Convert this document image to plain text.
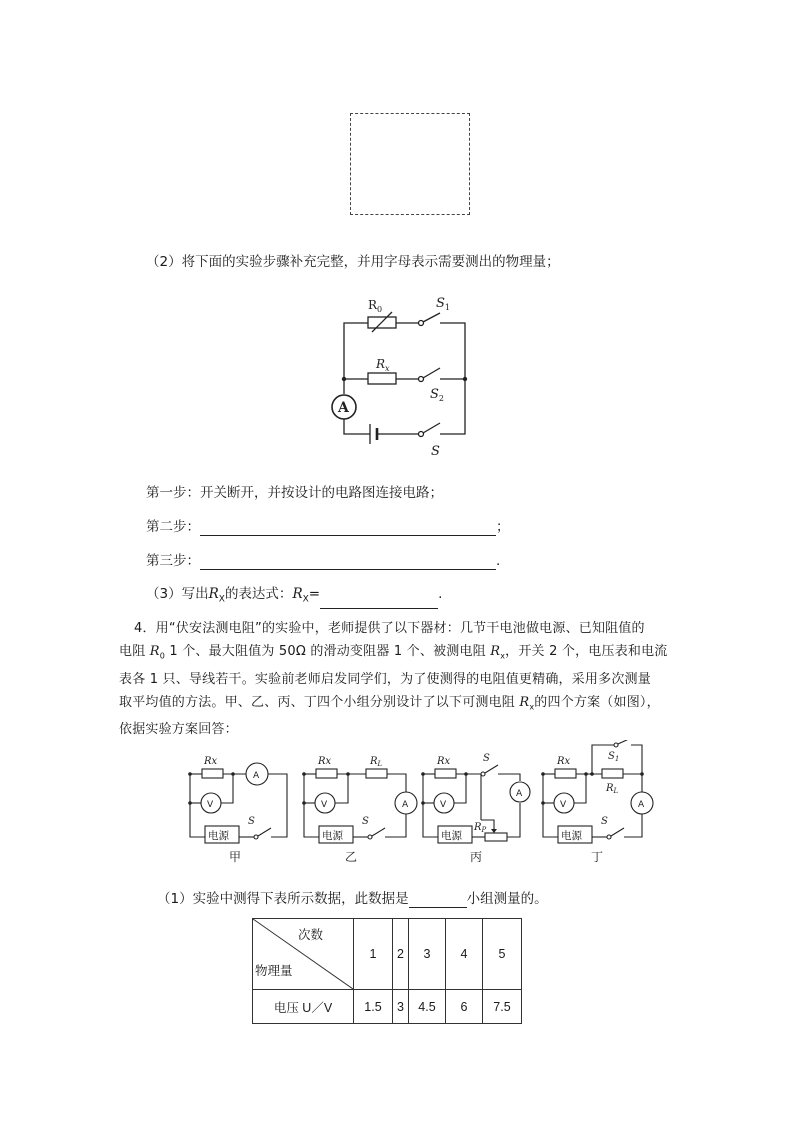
（2）将下面的实验步骤补充完整，并用字母表示需要测出的物理量；
$R_0$	$S_1$
$R_x$
$S_2$
A
S
第一步：开关断开，并按设计的电路图连接电路；
第二步：	；
第三步：	.
（3）写出$R_X$的表达式：$R_X=$	.
4．用“伏安法测电阻”的实验中，老师提供了以下器材：几节干电池做电源、已知阻值的
电阻 $R_0$ 1 个、最大阻值为 50Ω 的滑动变阻器 1 个、被测电阻 $R_x$，开关 2 个，电压表和电流
表各 1 只、导线若干。实验前老师启发同学们，为了使测得的电阻值更精确，采用多次测量
取平均值的方法。甲、乙、丙、丁四个小组分别设计了以下可测电阻 $R_x$的四个方案（如图），
依据实验方案回答：
电源
S
Rx
A
V
甲
电源
S
Rx	$R_L$
A
V
乙
电源
$R_P$
Rx	S
A
V
丙
电源
S
Rx
$R_L$
$S_1$
A
V
丁
（1）实验中测得下表所示数据，此数据是	小组测量的。
次数
物理量	1	2	3	4	5
电压 U／V	1.5	3	4.5	6	7.5
